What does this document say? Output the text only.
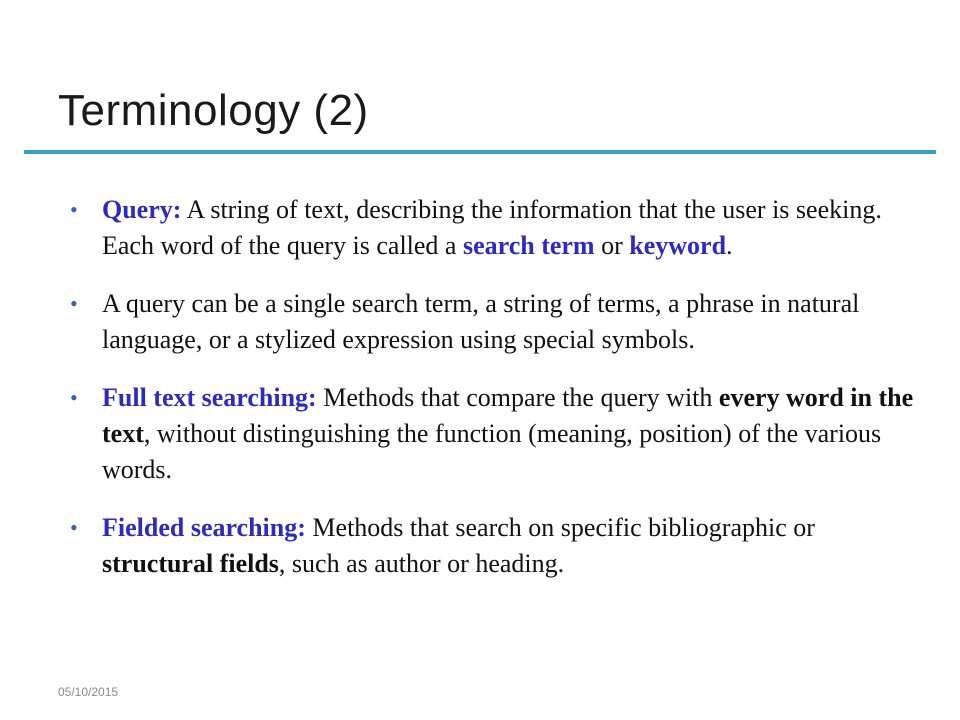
Terminology (2)
• Query: A string of text, describing the information that the user is seeking. Each word of the query is called a search term or keyword.
• A query can be a single search term, a string of terms, a phrase in natural language, or a stylized expression using special symbols.
• Full text searching: Methods that compare the query with every word in the text, without distinguishing the function (meaning, position) of the various words.
• Fielded searching: Methods that search on specific bibliographic or structural fields, such as author or heading.
05/10/2015
